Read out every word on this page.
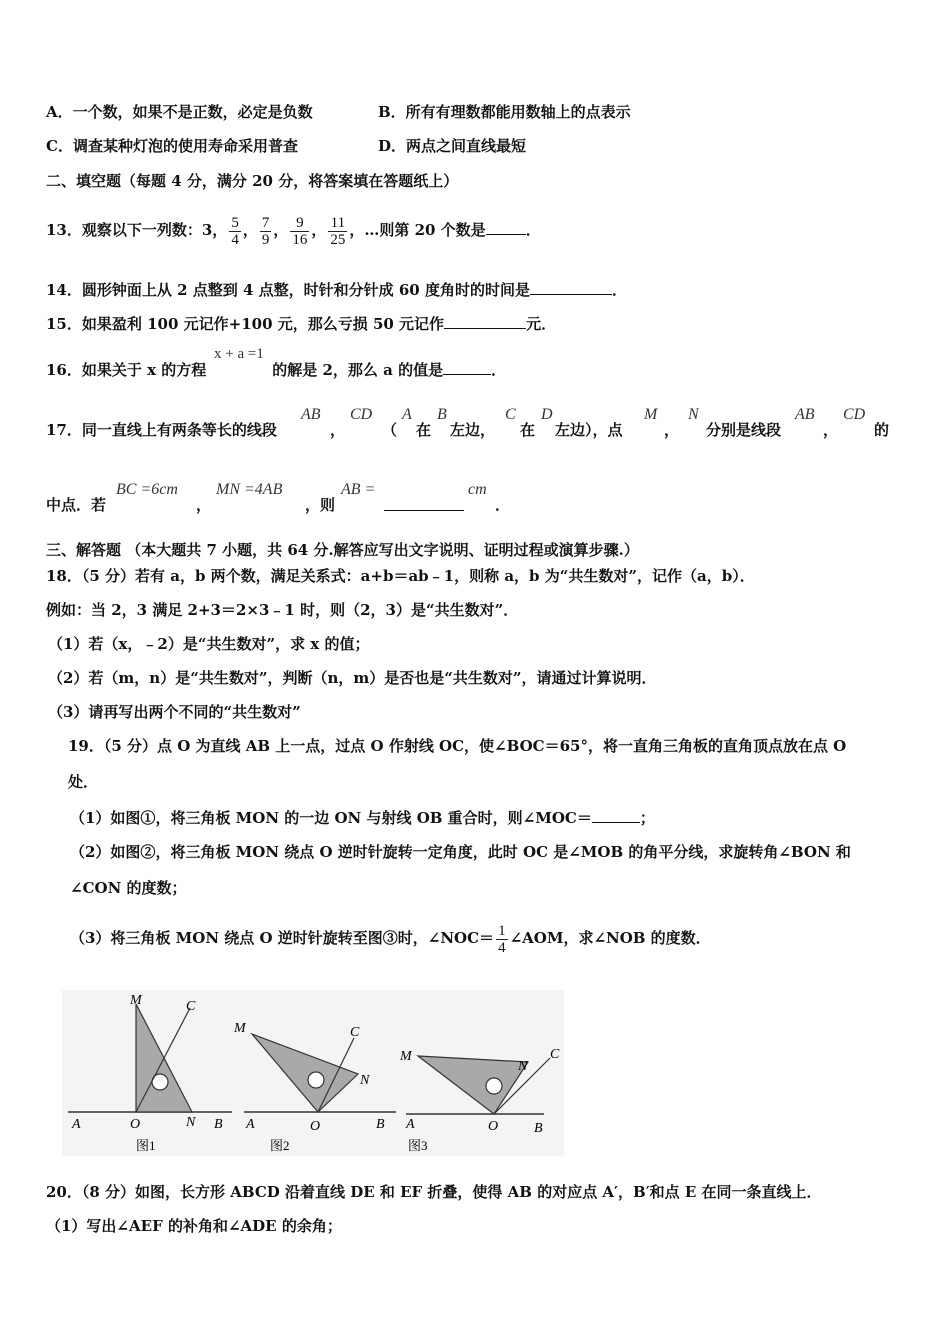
A．一个数，如果不是正数，必定是负数	B．所有有理数都能用数轴上的点表示
C．调查某种灯泡的使用寿命采用普查	D．两点之间直线最短
二、填空题（每题 4 分，满分 20 分，将答案填在答题纸上）
13．观察以下一列数：3， $\frac{5}{4}$ ， $\frac{7}{9}$ ， $\frac{9}{16}$ ， $\frac{11}{25}$ ，…则第 20 个数是	．
14．圆形钟面上从 2 点整到 4 点整，时针和分针成 60 度角时的时间是	．
15．如果盈利 100 元记作+100 元，那么亏损 50 元记作	元．
16．如果关于 x 的方程	的解是 2，那么 a 的值是	．
x + a =1
17．同一直线上有两条等长的线段
AB
，
CD
（
A
在
B
左边，
C
在
D
左边），点
M
，
N
分别是线段
AB
，
CD
的
中点．若
BC =6cm
，
MN =4AB
，则
AB =	cm
．
三、解答题 （本大题共 7 小题，共 64 分.解答应写出文字说明、证明过程或演算步骤.）
18．（5 分）若有 a，b 两个数，满足关系式：a+b＝ab﹣1，则称 a，b 为“共生数对”，记作（a，b）．
例如：当 2，3 满足 2+3＝2×3﹣1 时，则（2，3）是“共生数对”．
（1）若（x，﹣2）是“共生数对”，求 x 的值；
（2）若（m，n）是“共生数对”，判断（n，m）是否也是“共生数对”，请通过计算说明．
（3）请再写出两个不同的“共生数对”
19．（5 分）点 O 为直线 AB 上一点，过点 O 作射线 OC，使∠BOC＝65°，将一直角三角板的直角顶点放在点 O
处．
（1）如图①，将三角板 MON 的一边 ON 与射线 OB 重合时，则∠MOC＝	；
（2）如图②，将三角板 MON 绕点 O 逆时针旋转一定角度，此时 OC 是∠MOB 的角平分线，求旋转角∠BON 和
∠CON 的度数；
（3）将三角板 MON 绕点 O 逆时针旋转至图③时，∠NOC＝ $\frac{1}{4}$ ∠AOM，求∠NOB 的度数．
M	C
A	O	N B
图1
M	C
N
A	O	B
图2
M
N
C
A	O	B
图3
20．（8 分）如图，长方形 ABCD 沿着直线 DE 和 EF 折叠，使得 AB 的对应点 A′，B′和点 E 在同一条直线上．
（1）写出∠AEF 的补角和∠ADE 的余角；
